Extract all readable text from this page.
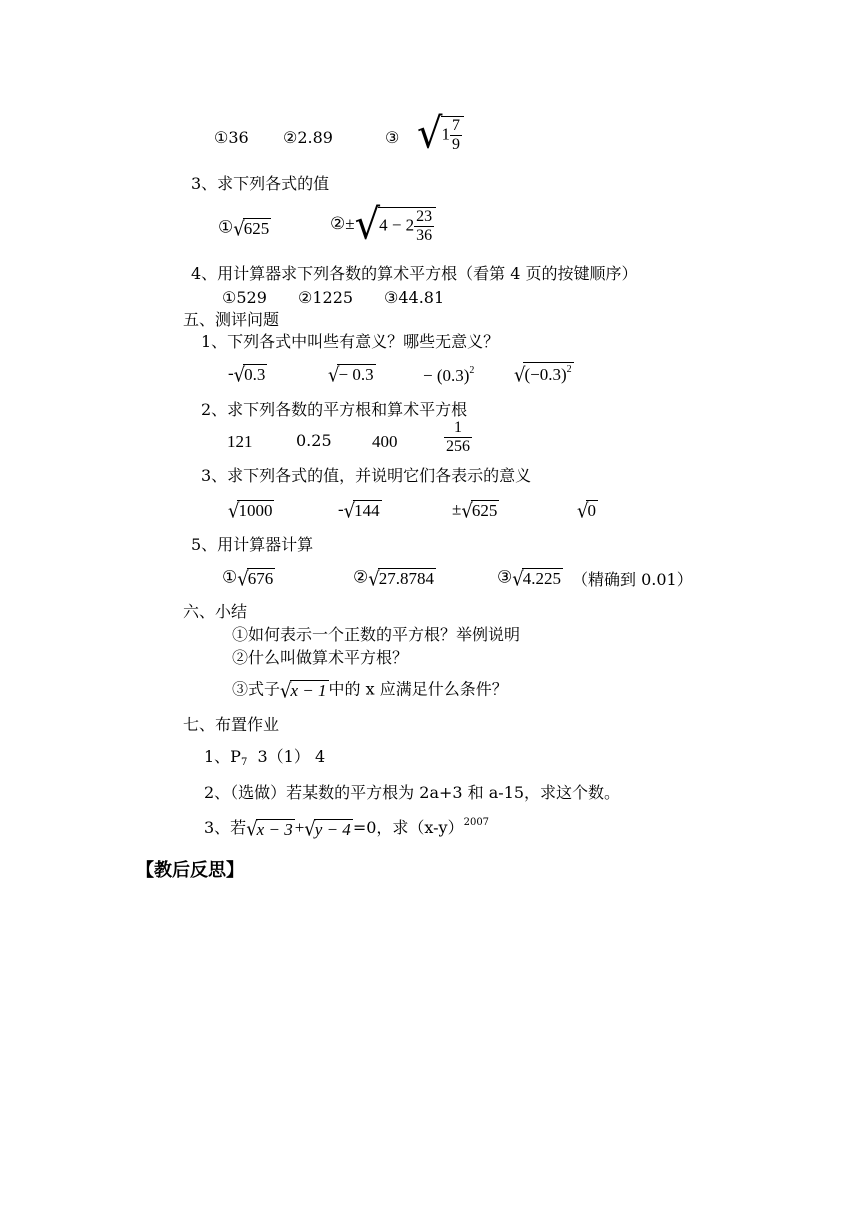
①36 ②2.89	③ $√1 \frac{7}{9}$
3、求下列各式的值
①√625	②±√4 − $2 \frac{23}{36}$
4、用计算器求下列各数的算术平方根（看第 4 页的按键顺序）
①529 ②1225 ③44.81
五、测评问题
1、下列各式中叫些有意义？哪些无意义？
-√0.3	√− 0.3	− $(0.3)^2$ $√(-0.3)^2$
2、求下列各数的平方根和算术平方根
121	0.25 400	$\frac{1}{256}$
3、求下列各式的值，并说明它们各表示的意义
√1000	-√144	±√625	√0
5、用计算器计算
①√676	②√27.8784	③√4.225 （精确到 0.01）
六、小结
①如何表示一个正数的平方根？举例说明
②什么叫做算术平方根？
③式子√x − 1 中的 x 应满足什么条件？
七、布置作业
1、$P_7$ 3（1） 4
2、（选做）若某数的平方根为 2a+3 和 a-15，求这个数。
3、若√x − 3 +√y − 4 =0，求$(x-y)^{2007}$
【教后反思】
